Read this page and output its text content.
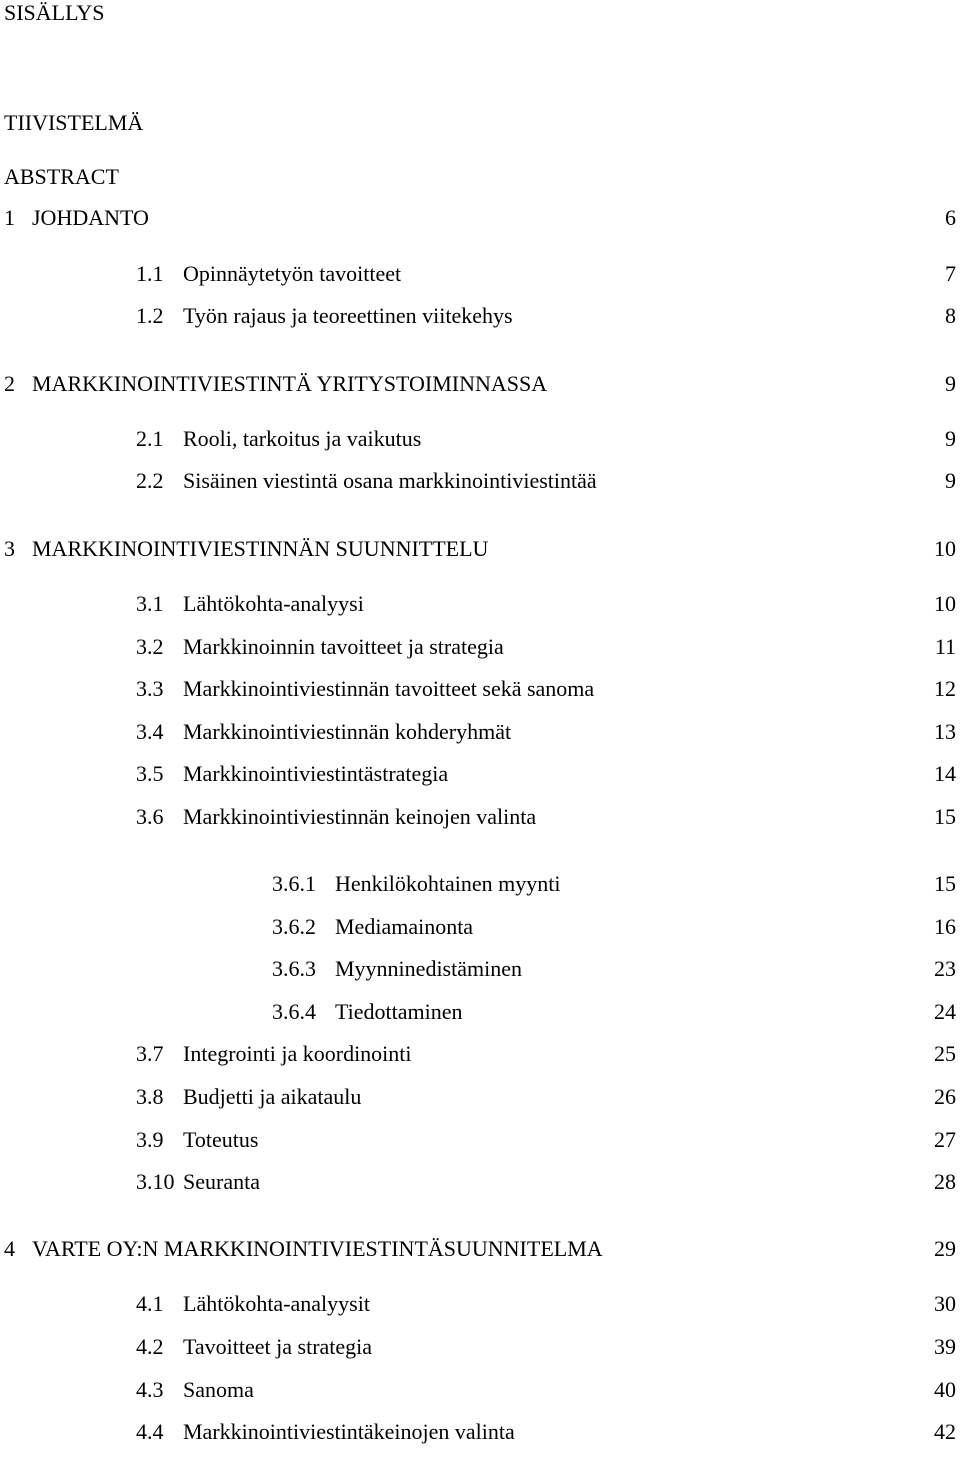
SISÄLLYS
TIIVISTELMÄ
ABSTRACT
1 JOHDANTO	6
1.1 Opinnäytetyön tavoitteet	7
1.2 Työn rajaus ja teoreettinen viitekehys	8
2 MARKKINOINTIVIESTINTÄ YRITYSTOIMINNASSA	9
2.1 Rooli, tarkoitus ja vaikutus	9
2.2 Sisäinen viestintä osana markkinointiviestintää	9
3 MARKKINOINTIVIESTINNÄN SUUNNITTELU	10
3.1 Lähtökohta-analyysi	10
3.2 Markkinoinnin tavoitteet ja strategia	11
3.3 Markkinointiviestinnän tavoitteet sekä sanoma	12
3.4 Markkinointiviestinnän kohderyhmät	13
3.5 Markkinointiviestintästrategia	14
3.6 Markkinointiviestinnän keinojen valinta	15
3.6.1 Henkilökohtainen myynti	15
3.6.2 Mediamainonta	16
3.6.3 Myynninedistäminen	23
3.6.4 Tiedottaminen	24
3.7 Integrointi ja koordinointi	25
3.8 Budjetti ja aikataulu	26
3.9 Toteutus	27
3.10 Seuranta	28
4 VARTE OY:N MARKKINOINTIVIESTINTÄSUUNNITELMA	29
4.1 Lähtökohta-analyysit	30
4.2 Tavoitteet ja strategia	39
4.3 Sanoma	40
4.4 Markkinointiviestintäkeinojen valinta	42
